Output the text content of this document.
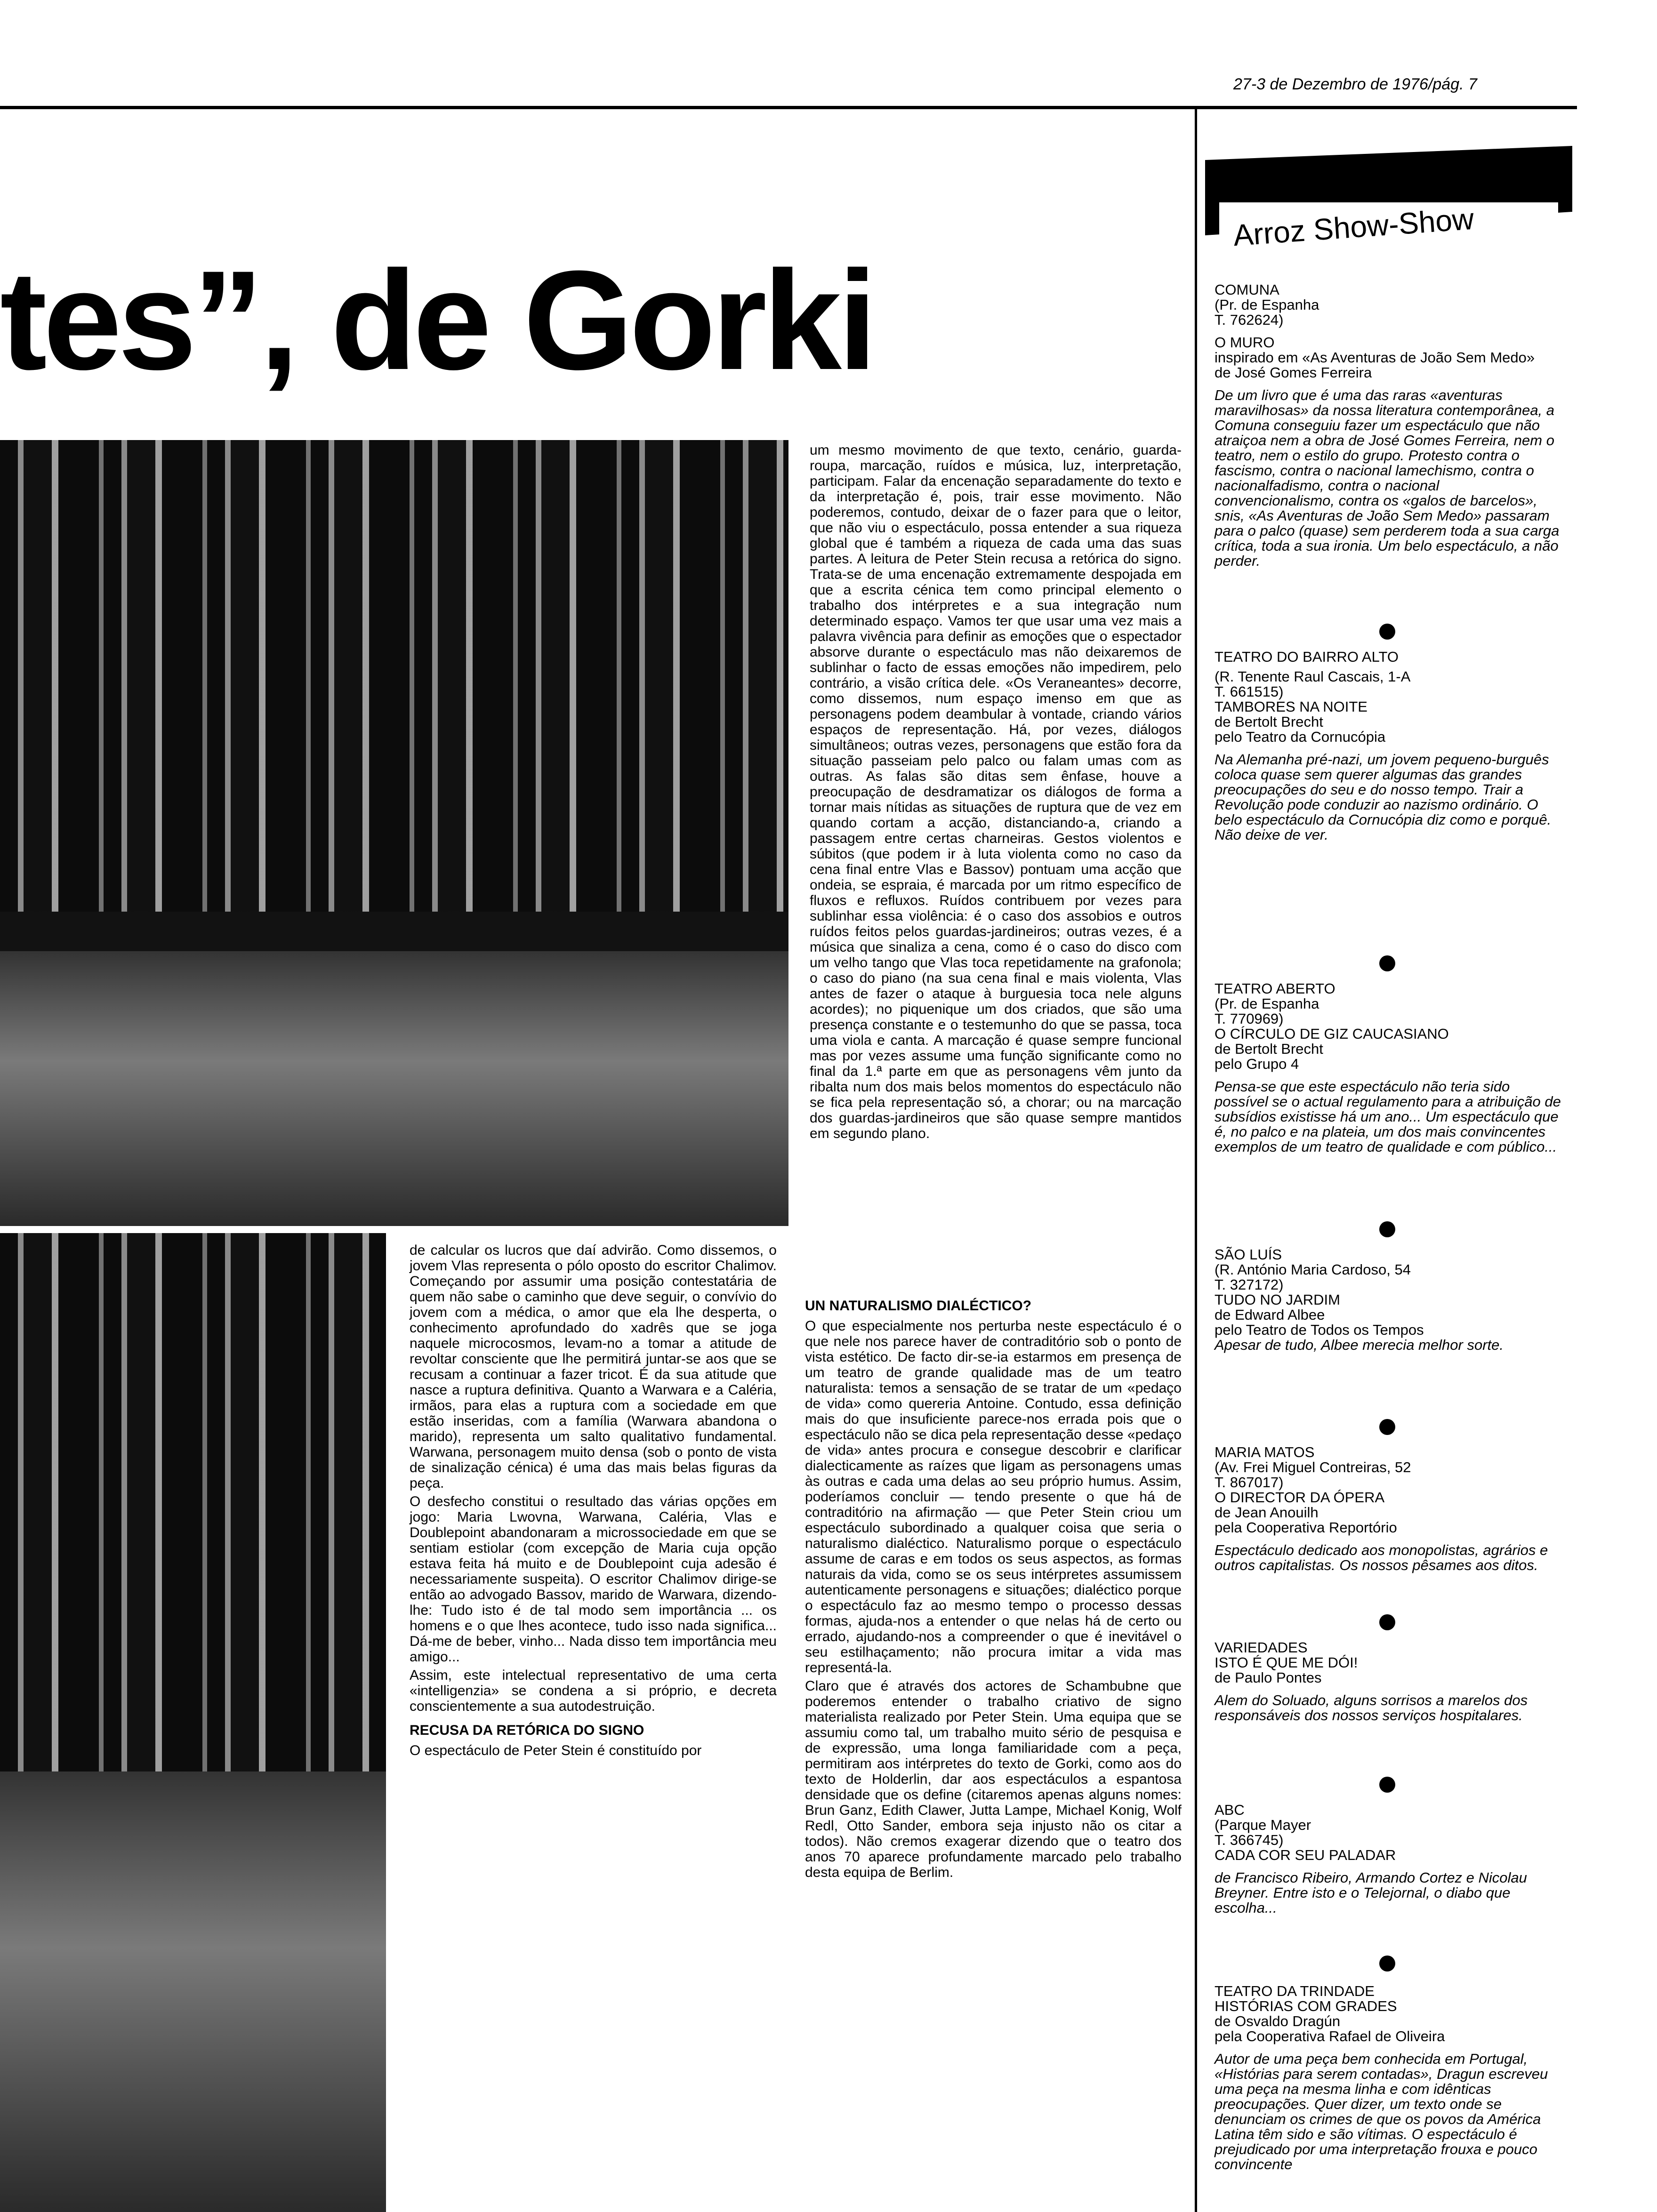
27-3 de Dezembro de 1976/pág. 7
tes”, de Gorki

um mesmo movimento de que texto, cenário, guarda-roupa, marcação, ruídos e música, luz, interpretação, participam. Falar da encenação separadamente do texto e da interpretação é, pois, trair esse movimento. Não poderemos, contudo, deixar de o fazer para que o leitor, que não viu o espectáculo, possa entender a sua riqueza global que é também a riqueza de cada uma das suas partes. A leitura de Peter Stein recusa a retórica do signo. Trata-se de uma encenação extremamente despojada em que a escrita cénica tem como principal elemento o trabalho dos intérpretes e a sua integração num determinado espaço. Vamos ter que usar uma vez mais a palavra vivência para definir as emoções que o espectador absorve durante o espectáculo mas não deixaremos de sublinhar o facto de essas emoções não impedirem, pelo contrário, a visão crítica dele. «Os Veraneantes» decorre, como dissemos, num espaço imenso em que as personagens podem deambular à vontade, criando vários espaços de representação. Há, por vezes, diálogos simultâneos; outras vezes, personagens que estão fora da situação passeiam pelo palco ou falam umas com as outras. As falas são ditas sem ênfase, houve a preocupação de desdramatizar os diálogos de forma a tornar mais nítidas as situações de ruptura que de vez em quando cortam a acção, distanciando-a, criando a passagem entre certas charneiras. Gestos violentos e súbitos (que podem ir à luta violenta como no caso da cena final entre Vlas e Bassov) pontuam uma acção que ondeia, se espraia, é marcada por um ritmo específico de fluxos e refluxos. Ruídos contribuem por vezes para sublinhar essa violência: é o caso dos assobios e outros ruídos feitos pelos guardas-jardineiros; outras vezes, é a música que sinaliza a cena, como é o caso do disco com um velho tango que Vlas toca repetidamente na grafonola; o caso do piano (na sua cena final e mais violenta, Vlas antes de fazer o ataque à burguesia toca nele alguns acordes); no piquenique um dos criados, que são uma presença constante e o testemunho do que se passa, toca uma viola e canta. A marcação é quase sempre funcional mas por vezes assume uma função significante como no final da 1.ª parte em que as personagens vêm junto da ribalta num dos mais belos momentos do espectáculo não se fica pela representação só, a chorar; ou na marcação dos guardas-jardineiros que são quase sempre mantidos em segundo plano.

de calcular os lucros que daí advirão. Como dissemos, o jovem Vlas representa o pólo oposto do escritor Chalimov. Começando por assumir uma posição contestatária de quem não sabe o caminho que deve seguir, o convívio do jovem com a médica, o amor que ela lhe desperta, o conhecimento aprofundado do xadrês que se joga naquele microcosmos, levam-no a tomar a atitude de revoltar consciente que lhe permitirá juntar-se aos que se recusam a continuar a fazer tricot. É da sua atitude que nasce a ruptura definitiva. Quanto a Warwara e a Caléria, irmãos, para elas a ruptura com a sociedade em que estão inseridas, com a família (Warwara abandona o marido), representa um salto qualitativo fundamental. Warwana, personagem muito densa (sob o ponto de vista de sinalização cénica) é uma das mais belas figuras da peça.

O desfecho constitui o resultado das várias opções em jogo: Maria Lwovna, Warwana, Caléria, Vlas e Doublepoint abandonaram a microssociedade em que se sentiam estiolar (com excepção de Maria cuja opção estava feita há muito e de Doublepoint cuja adesão é necessariamente suspeita). O escritor Chalimov dirige-se então ao advogado Bassov, marido de Warwara, dizendo-lhe: Tudo isto é de tal modo sem importância ... os homens e o que lhes acontece, tudo isso nada significa... Dá-me de beber, vinho... Nada disso tem importância meu amigo...

Assim, este intelectual representativo de uma certa «intelligenzia» se condena a si próprio, e decreta conscientemente a sua autodestruição.

RECUSA DA RETÓRICA DO SIGNO

O espectáculo de Peter Stein é constituído por

UN NATURALISMO DIALÉCTICO?

O que especialmente nos perturba neste espectáculo é o que nele nos parece haver de contraditório sob o ponto de vista estético. De facto dir-se-ia estarmos em presença de um teatro de grande qualidade mas de um teatro naturalista: temos a sensação de se tratar de um «pedaço de vida» como quereria Antoine. Contudo, essa definição mais do que insuficiente parece-nos errada pois que o espectáculo não se dica pela representação desse «pedaço de vida» antes procura e consegue descobrir e clarificar dialecticamente as raízes que ligam as personagens umas às outras e cada uma delas ao seu próprio humus. Assim, poderíamos concluir — tendo presente o que há de contraditório na afirmação — que Peter Stein criou um espectáculo subordinado a qualquer coisa que seria o naturalismo dialéctico. Naturalismo porque o espectáculo assume de caras e em todos os seus aspectos, as formas naturais da vida, como se os seus intérpretes assumissem autenticamente personagens e situações; dialéctico porque o espectáculo faz ao mesmo tempo o processo dessas formas, ajuda-nos a entender o que nelas há de certo ou errado, ajudando-nos a compreender o que é inevitável o seu estilhaçamento; não procura imitar a vida mas representá-la.

Claro que é através dos actores de Schambubne que poderemos entender o trabalho criativo de signo materialista realizado por Peter Stein. Uma equipa que se assumiu como tal, um trabalho muito sério de pesquisa e de expressão, uma longa familiaridade com a peça, permitiram aos intérpretes do texto de Gorki, como aos do texto de Holderlin, dar aos espectáculos a espantosa densidade que os define (citaremos apenas alguns nomes: Brun Ganz, Edith Clawer, Jutta Lampe, Michael Konig, Wolf Redl, Otto Sander, embora seja injusto não os citar a todos). Não cremos exagerar dizendo que o teatro dos anos 70 aparece profundamente marcado pelo trabalho desta equipa de Berlim.

Arroz Show-Show
COMUNA
(Pr. de Espanha
T. 762624)
O MURO
inspirado em «As Aventuras de João Sem Medo»
de José Gomes Ferreira
De um livro que é uma das raras «aventuras maravilhosas» da nossa literatura contemporânea, a Comuna conseguiu fazer um espectáculo que não atraiçoa nem a obra de José Gomes Ferreira, nem o teatro, nem o estilo do grupo. Protesto contra o fascismo, contra o nacional lamechismo, contra o nacionalfadismo, contra o nacional convencionalismo, contra os «galos de barcelos», snis, «As Aventuras de João Sem Medo» passaram para o palco (quase) sem perderem toda a sua carga crítica, toda a sua ironia. Um belo espectáculo, a não perder.
TEATRO DO BAIRRO ALTO
(R. Tenente Raul Cascais, 1-A
T. 661515)
TAMBORES NA NOITE
de Bertolt Brecht
pelo Teatro da Cornucópia
Na Alemanha pré-nazi, um jovem pequeno-burguês coloca quase sem querer algumas das grandes preocupações do seu e do nosso tempo. Trair a Revolução pode conduzir ao nazismo ordinário. O belo espectáculo da Cornucópia diz como e porquê. Não deixe de ver.
TEATRO ABERTO
(Pr. de Espanha
T. 770969)
O CÍRCULO DE GIZ CAUCASIANO
de Bertolt Brecht
pelo Grupo 4
Pensa-se que este espectáculo não teria sido possível se o actual regulamento para a atribuição de subsídios existisse há um ano... Um espectáculo que é, no palco e na plateia, um dos mais convincentes exemplos de um teatro de qualidade e com público...
SÃO LUÍS
(R. António Maria Cardoso, 54
T. 327172)
TUDO NO JARDIM
de Edward Albee
pelo Teatro de Todos os Tempos
Apesar de tudo, Albee merecia melhor sorte.
MARIA MATOS
(Av. Frei Miguel Contreiras, 52
T. 867017)
O DIRECTOR DA ÓPERA
de Jean Anouilh
pela Cooperativa Reportório
Espectáculo dedicado aos monopolistas, agrários e outros capitalistas. Os nossos pêsames aos ditos.
VARIEDADES
ISTO É QUE ME DÓI!
de Paulo Pontes
Alem do Soluado, alguns sorrisos a marelos dos responsáveis dos nossos serviços hospitalares.
ABC
(Parque Mayer
T. 366745)
CADA COR SEU PALADAR
de Francisco Ribeiro, Armando Cortez e Nicolau Breyner. Entre isto e o Telejornal, o diabo que escolha...
TEATRO DA TRINDADE
HISTÓRIAS COM GRADES
de Osvaldo Dragún
pela Cooperativa Rafael de Oliveira
Autor de uma peça bem conhecida em Portugal, «Histórias para serem contadas», Dragun escreveu uma peça na mesma linha e com idênticas preocupações. Quer dizer, um texto onde se denunciam os crimes de que os povos da América Latina têm sido e são vítimas. O espectáculo é prejudicado por uma interpretação frouxa e pouco convincente
